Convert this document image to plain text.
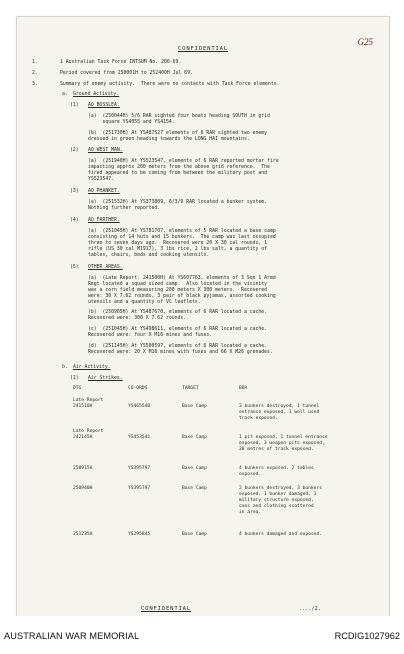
G25
CONFIDENTIAL
1.	1 Australian Task Force INTSUM No. 206-69.
2.	Period covered from 250001H to 252400H Jul 69.
3.	Summary of enemy activity.  There were no contacts with Task Force elements.
a. Ground Activity.
(1) AO BOSSLEA.
(a)  (250044H) 5/6 RAR sighted four boats heading SOUTH in grid
square YS4055 and YS4154.
(b)  (251730H) At YS487527 elements of 6 RAR sighted two enemy
dressed in green heading towards the LONG HAI mountains.
(2) AO WEST MAN.
(a)  (251940H) At YS523547, elements of 6 RAR reported mortar fire
impacting approx 200 meters from the above grid reference.  The
fired appeared to be coming from between the military post and
YS523547.
(3) AO PHANKET.
(a)  (251532H) At YS373809, 6/3/9 RAR located a bunker system.
Nothing further reported.
(4) AO FARTHER.
(a)  (251045H) At YS781707, elements of 5 RAR located a base camp
consisting of 14 huts and 15 bunkers.  The camp was last occupied
three to seven days ago.  Recovered were 20 X 30 cal rounds, 1
rifle (US 30 cal M1917), 3 lbs rice, 2 lbs salt, a quantity of
tables, chairs, beds and cooking utensils.
(5) OTHER AREAS.
(a)  (Late Report. 241500H) At YS607763, elements of 3 Sqn 1 Armd
Regt located a squad sized camp.  Also located in the vicinity
was a corn field measuring 200 meters X 300 meters.  Recovered
were: 30 X 7.62 rounds, 3 pair of black pyjamas, assorted cooking
utensils and a quantity of VC leaflets.
(b)  (250905H) At YS487670, elements of 6 RAR located a cache.
Recovered were: 300 X 7.62 rounds.
(c)  (251045H) At YS498611, elements of 6 RAR located a cache.
Recovered were: four X M16 mines and fuses.
(d)  (251145H) At YS500597, elements of 6 RAR located a cache.
Recovered were: 20 X M16 mines with fuses and 66 X M26 grenades.
b. Air Activity.
(1) Air Strikes.
DTG	CO-ORDS	TARGET	BDA
Late Report
241510H	YS465540	Base Camp	3 bunkers destroyed, 1 tunnel
entrance exposed, 1 well used
track exposed.
Late Report
242145H	YS453541	Base Camp	1 pit exposed, 1 tunnel entrance
exposed, 3 weapon pits exposed,
30 metres of track exposed.
250915H	YS395797	Base Camp	4 bunkers exposed, 2 tables
exposed.
250940H	YS395797	Base Camp	2 bunkers destroyed, 3 bunkers
exposed, 1 bunker damaged, 1
military structure exposed,
cans and clothing scattered
in area.
251235H	YS295845	Base Camp	4 bunkers damaged and exposed.
CONFIDENTIAL	..../2.
AUSTRALIAN WAR MEMORIAL	RCDIG1027962
